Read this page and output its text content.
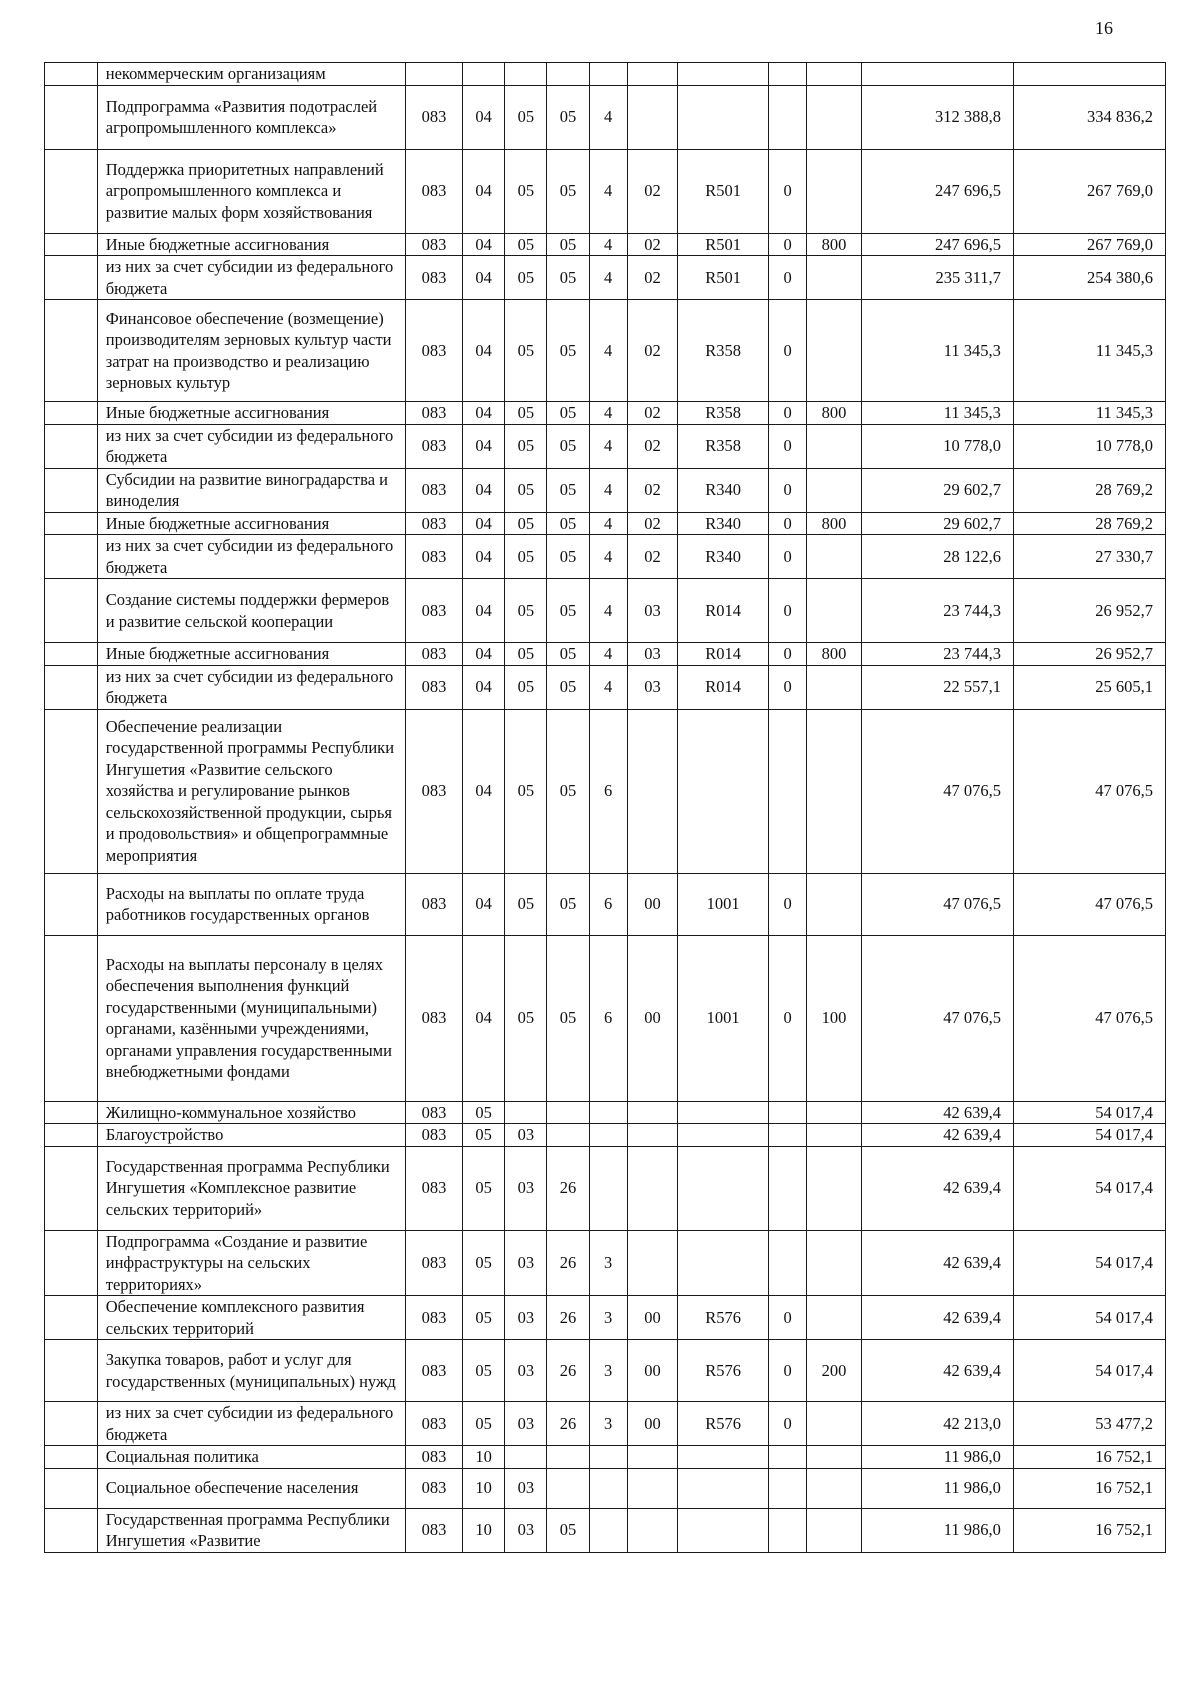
16
	некоммерческим организациям											
	Подпрограмма «Развития подотраслей агропромышленного комплекса»	083	04	05	05	4					312 388,8	334 836,2
	Поддержка приоритетных направлений агропромышленного комплекса и развитие малых форм хозяйствования	083	04	05	05	4	02	R501	0		247 696,5	267 769,0
	Иные бюджетные ассигнования	083	04	05	05	4	02	R501	0	800	247 696,5	267 769,0
	из них за счет субсидии из федерального бюджета	083	04	05	05	4	02	R501	0		235 311,7	254 380,6
	Финансовое обеспечение (возмещение) производителям зерновых культур части затрат на производство и реализацию зерновых культур	083	04	05	05	4	02	R358	0		11 345,3	11 345,3
	Иные бюджетные ассигнования	083	04	05	05	4	02	R358	0	800	11 345,3	11 345,3
	из них за счет субсидии из федерального бюджета	083	04	05	05	4	02	R358	0		10 778,0	10 778,0
	Субсидии на развитие виноградарства и виноделия	083	04	05	05	4	02	R340	0		29 602,7	28 769,2
	Иные бюджетные ассигнования	083	04	05	05	4	02	R340	0	800	29 602,7	28 769,2
	из них за счет субсидии из федерального бюджета	083	04	05	05	4	02	R340	0		28 122,6	27 330,7
	Создание системы поддержки фермеров и развитие сельской кооперации	083	04	05	05	4	03	R014	0		23 744,3	26 952,7
	Иные бюджетные ассигнования	083	04	05	05	4	03	R014	0	800	23 744,3	26 952,7
	из них за счет субсидии из федерального бюджета	083	04	05	05	4	03	R014	0		22 557,1	25 605,1
	Обеспечение реализации государственной программы Республики Ингушетия «Развитие сельского хозяйства и регулирование рынков сельскохозяйственной продукции, сырья и продовольствия» и общепрограммные мероприятия	083	04	05	05	6					47 076,5	47 076,5
	Расходы на выплаты по оплате труда работников государственных органов	083	04	05	05	6	00	1001	0		47 076,5	47 076,5
	Расходы на выплаты персоналу в целях обеспечения выполнения функций государственными (муниципальными) органами, казёнными учреждениями, органами управления государственными внебюджетными фондами	083	04	05	05	6	00	1001	0	100	47 076,5	47 076,5
	Жилищно-коммунальное хозяйство	083	05								42 639,4	54 017,4
	Благоустройство	083	05	03							42 639,4	54 017,4
	Государственная программа Республики Ингушетия «Комплексное развитие сельских территорий»	083	05	03	26						42 639,4	54 017,4
	Подпрограмма «Создание и развитие инфраструктуры на сельских территориях»	083	05	03	26	3					42 639,4	54 017,4
	Обеспечение комплексного развития сельских территорий	083	05	03	26	3	00	R576	0		42 639,4	54 017,4
	Закупка товаров, работ и услуг для государственных (муниципальных) нужд	083	05	03	26	3	00	R576	0	200	42 639,4	54 017,4
	из них за счет субсидии из федерального бюджета	083	05	03	26	3	00	R576	0		42 213,0	53 477,2
	Социальная политика	083	10								11 986,0	16 752,1
	Социальное обеспечение населения	083	10	03							11 986,0	16 752,1
	Государственная программа Республики Ингушетия «Развитие	083	10	03	05						11 986,0	16 752,1
